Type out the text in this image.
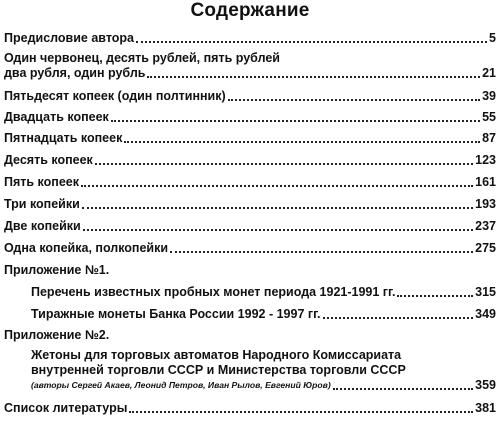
Содержание
Предисловие автора	5
Один червонец, десять рублей, пять рублей
два рубля, один рубль	21
Пятьдесят копеек (один полтинник)	39
Двадцать копеек	55
Пятнадцать копеек	87
Десять копеек	123
Пять копеек	161
Три копейки	193
Две копейки	237
Одна копейка, полкопейки	275
Приложение №1.
Перечень известных пробных монет периода 1921-1991 гг.	315
Тиражные монеты Банка России 1992 - 1997 гг.	349
Приложение №2.
Жетоны для торговых автоматов Народного Комиссариата
внутренней торговли СССР и Министерства торговли СССР
(авторы Сергей Акаев, Леонид Петров, Иван Рылов, Евгений Юров)	359
Список литературы	381
